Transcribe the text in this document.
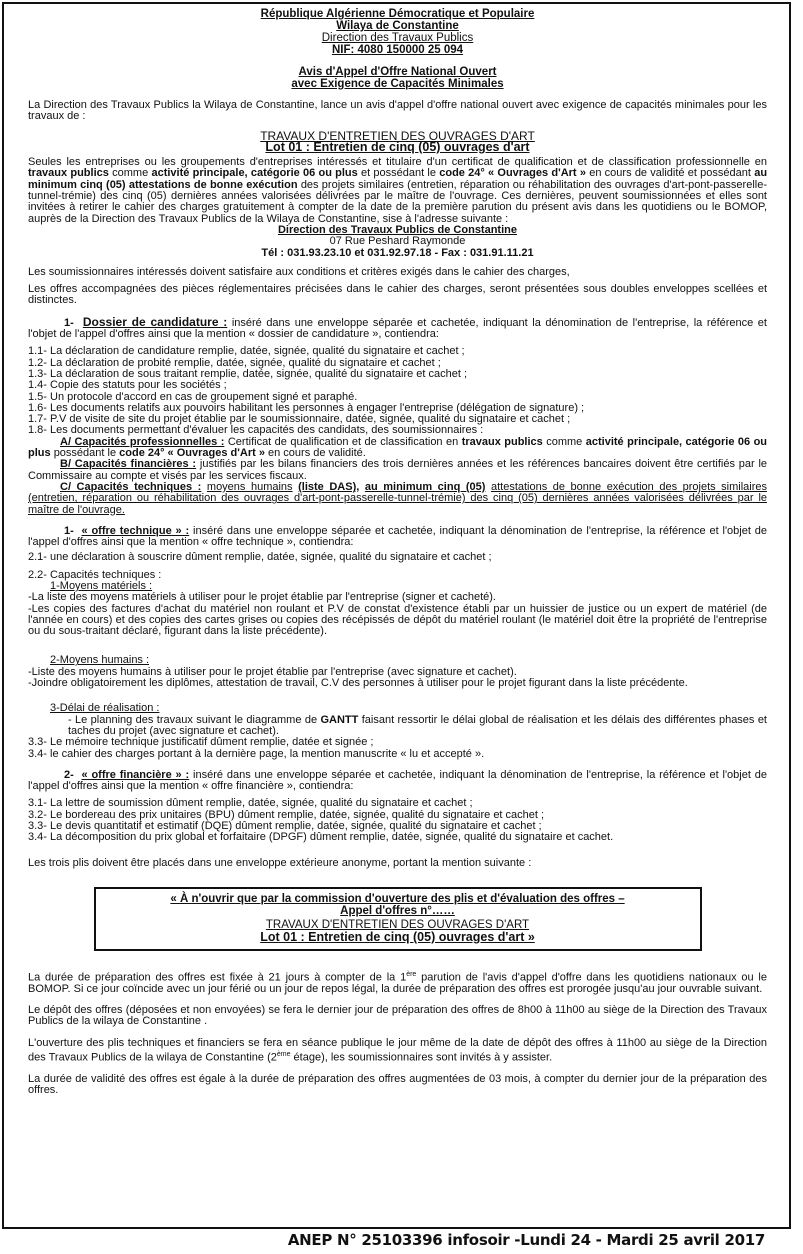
République Algérienne Démocratique et Populaire
Wilaya de Constantine
Direction des Travaux Publics
NIF: 4080 150000 25 094
Avis d'Appel d'Offre National Ouvert
avec Exigence de Capacités Minimales

La Direction des Travaux Publics la Wilaya de Constantine, lance un avis d'appel d'offre national ouvert avec exigence de capacités minimales pour les travaux de :

TRAVAUX D'ENTRETIEN DES OUVRAGES D'ART
Lot 01 : Entretien de cinq (05) ouvrages d'art

Seules les entreprises ou les groupements d'entreprises intéressés et titulaire d'un certificat de qualification et de classification professionnelle en travaux publics comme activité principale, catégorie 06 ou plus et possédant le code 24° « Ouvrages d'Art » en cours de validité et possédant au minimum cinq (05) attestations de bonne exécution des projets similaires (entretien, réparation ou réhabilitation des ouvrages d'art-pont-passerelle-tunnel-trémie) des cinq (05) dernières années valorisées délivrées par le maître de l'ouvrage. Ces dernières, peuvent soumissionnées et elles sont invitées à retirer le cahier des charges gratuitement à compter de la date de la première parution du présent avis dans les quotidiens ou le BOMOP, auprès de la Direction des Travaux Publics de la Wilaya de Constantine, sise à l'adresse suivante :

Direction des Travaux Publics de Constantine
07 Rue Peshard Raymonde
Tél : 031.93.23.10 et 031.92.97.18 - Fax : 031.91.11.21

Les soumissionnaires intéressés doivent satisfaire aux conditions et critères exigés dans le cahier des charges,

Les offres accompagnées des pièces réglementaires précisées dans le cahier des charges, seront présentées sous doubles enveloppes scellées et distinctes.

1- Dossier de candidature : inséré dans une enveloppe séparée et cachetée, indiquant la dénomination de l'entreprise, la référence et l'objet de l'appel d'offres ainsi que la mention « dossier de candidature », contiendra:

1.1- La déclaration de candidature remplie, datée, signée, qualité du signataire et cachet ;

1.2- La déclaration de probité remplie, datée, signée, qualité du signataire et cachet ;

1.3- La déclaration de sous traitant remplie, datée, signée, qualité du signataire et cachet ;

1.4- Copie des statuts pour les sociétés ;

1.5- Un protocole d'accord en cas de groupement signé et paraphé.

1.6- Les documents relatifs aux pouvoirs habilitant les personnes à engager l'entreprise (délégation de signature) ;

1.7- P.V de visite de site du projet établie par le soumissionnaire, datée, signée, qualité du signataire et cachet ;

1.8- Les documents permettant d'évaluer les capacités des candidats, des soumissionnaires :

A/ Capacités professionnelles : Certificat de qualification et de classification en travaux publics comme activité principale, catégorie 06 ou plus possédant le code 24° « Ouvrages d'Art » en cours de validité.

B/ Capacités financières : justifiés par les bilans financiers des trois dernières années et les références bancaires doivent être certifiés par le Commissaire au compte et visés par les services fiscaux.

C/ Capacités techniques : moyens humains (liste DAS), au minimum cinq (05) attestations de bonne exécution des projets similaires (entretien, réparation ou réhabilitation des ouvrages d'art-pont-passerelle-tunnel-trémie) des cinq (05) dernières années valorisées délivrées par le maître de l'ouvrage.

1- « offre technique » : inséré dans une enveloppe séparée et cachetée, indiquant la dénomination de l'entreprise, la référence et l'objet de l'appel d'offres ainsi que la mention « offre technique », contiendra:

2.1- une déclaration à souscrire dûment remplie, datée, signée, qualité du signataire et cachet ;

2.2- Capacités techniques :

1-Moyens matériels :

-La liste des moyens matériels à utiliser pour le projet établie par l'entreprise (signer et cacheté).

-Les copies des factures d'achat du matériel non roulant et P.V de constat d'existence établi par un huissier de justice ou un expert de matériel (de l'année en cours) et des copies des cartes grises ou copies des récépissés de dépôt du matériel roulant (le matériel doit être la propriété de l'entreprise ou du sous-traitant déclaré, figurant dans la liste précédente).

2-Moyens humains :

-Liste des moyens humains à utiliser pour le projet établie par l'entreprise (avec signature et cachet).

-Joindre obligatoirement les diplômes, attestation de travail, C.V des personnes à utiliser pour le projet figurant dans la liste précédente.

3-Délai de réalisation :

- Le planning des travaux suivant le diagramme de GANTT faisant ressortir le délai global de réalisation et les délais des différentes phases et taches du projet (avec signature et cachet).

3.3- Le mémoire technique justificatif dûment remplie, datée et signée ;

3.4- le cahier des charges portant à la dernière page, la mention manuscrite « lu et accepté ».

2- « offre financière » : inséré dans une enveloppe séparée et cachetée, indiquant la dénomination de l'entreprise, la référence et l'objet de l'appel d'offres ainsi que la mention « offre financière », contiendra:

3.1- La lettre de soumission dûment remplie, datée, signée, qualité du signataire et cachet ;

3.2- Le bordereau des prix unitaires (BPU) dûment remplie, datée, signée, qualité du signataire et cachet ;

3.3- Le devis quantitatif et estimatif (DQE) dûment remplie, datée, signée, qualité du signataire et cachet ;

3.4- La décomposition du prix global et forfaitaire (DPGF) dûment remplie, datée, signée, qualité du signataire et cachet.

Les trois plis doivent être placés dans une enveloppe extérieure anonyme, portant la mention suivante :

« À n'ouvrir que par la commission d'ouverture des plis et d'évaluation des offres –
Appel d'offres n°……
TRAVAUX D'ENTRETIEN DES OUVRAGES D'ART
Lot 01 : Entretien de cinq (05) ouvrages d'art »

La durée de préparation des offres est fixée à 21 jours à compter de la 1ère parution de l'avis d'appel d'offre dans les quotidiens nationaux ou le BOMOP. Si ce jour coïncide avec un jour férié ou un jour de repos légal, la durée de préparation des offres est prorogée jusqu'au jour ouvrable suivant.

Le dépôt des offres (déposées et non envoyées) se fera le dernier jour de préparation des offres de 8h00 à 11h00 au siège de la Direction des Travaux Publics de la wilaya de Constantine .

L'ouverture des plis techniques et financiers se fera en séance publique le jour même de la date de dépôt des offres à 11h00 au siège de la Direction des Travaux Publics de la wilaya de Constantine (2ème étage), les soumissionnaires sont invités à y assister.

La durée de validité des offres est égale à la durée de préparation des offres augmentées de 03 mois, à compter du dernier jour de la préparation des offres.

ANEP N° 25103396 infosoir -Lundi 24 - Mardi 25 avril 2017
